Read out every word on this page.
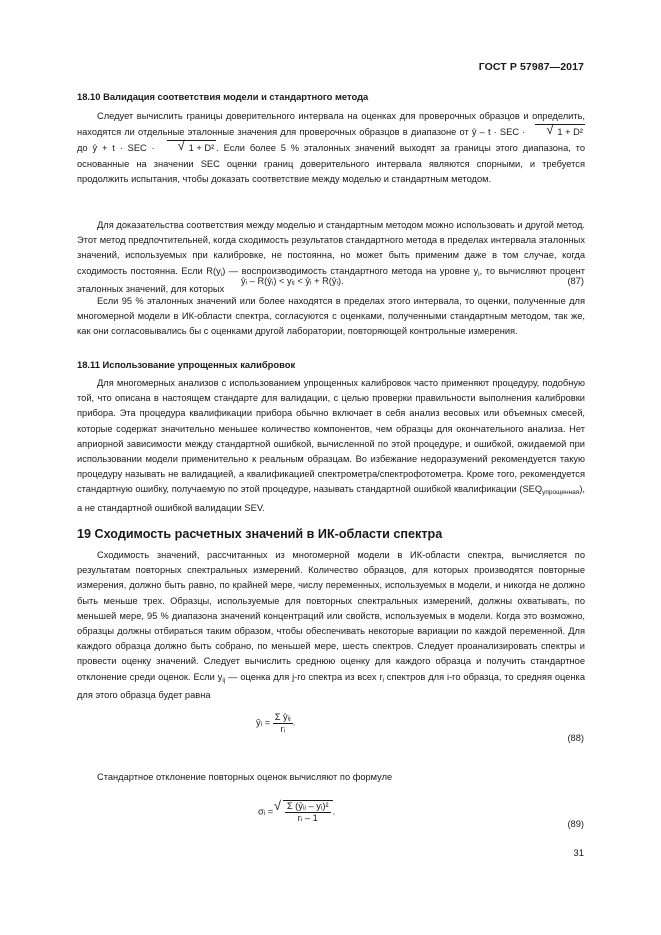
ГОСТ Р 57987—2017
18.10 Валидация соответствия модели и стандартного метода
Следует вычислить границы доверительного интервала на оценках для проверочных образцов и определить, находятся ли отдельные эталонные значения для проверочных образцов в диапазоне от ŷ – t · SEC ·	√ 1 + D² до ŷ + t · SEC ·	√ 1 + D² . Если более 5 % эталонных значений выходят за границы этого диапазона, то основанные на значении SEC оценки границ доверительного интервала являются спорными, и требуется продолжить испытания, чтобы доказать соответствие между моделью и стандартным методом.
Для доказательства соответствия между моделью и стандартным методом можно использовать и другой метод. Этот метод предпочтительней, когда сходимость результатов стандартного метода в пределах интервала эталонных значений, используемых при калибровке, не постоянна, но может быть применим даже в том случае, когда сходимость постоянна. Если $R(y_i)$ — воспроизводимость стандартного метода на уровне $y_i$, то вычисляют процент эталонных значений, для которых
ŷᵢ – R(ŷᵢ) < yᵢⱼ < ŷᵢ + R(ŷᵢ).	(87)
Если 95 % эталонных значений или более находятся в пределах этого интервала, то оценки, полученные для многомерной модели в ИК-области спектра, согласуются с оценками, полученными стандартным методом, так же, как они согласовывались бы с оценками другой лаборатории, повторяющей контрольные измерения.
18.11 Использование упрощенных калибровок
Для многомерных анализов с использованием упрощенных калибровок часто применяют процедуру, подобную той, что описана в настоящем стандарте для валидации, с целью проверки правильности выполнения калибровки прибора. Эта процедура квалификации прибора обычно включает в себя анализ весовых или объемных смесей, которые содержат значительно меньшее количество компонентов, чем образцы для окончательного анализа. Нет априорной зависимости между стандартной ошибкой, вычисленной по этой процедуре, и ошибкой, ожидаемой при использовании модели применительно к реальным образцам. Во избежание недоразумений рекомендуется такую процедуру называть не валидацией, а квалификацией спектрометра/спектрофотометра. Кроме того, рекомендуется стандартную ошибку, получаемую по этой процедуре, называть стандартной ошибкой квалификации $(SEQ_{упрощенная})$, а не стандартной ошибкой валидации SEV.
19 Сходимость расчетных значений в ИК-области спектра
Сходимость значений, рассчитанных из многомерной модели в ИК-области спектра, вычисляется по результатам повторных спектральных измерений. Количество образцов, для которых производятся повторные измерения, должно быть равно, по крайней мере, числу переменных, используемых в модели, и никогда не должно быть меньше трех. Образцы, используемые для повторных спектральных измерений, должны охватывать, по меньшей мере, 95 % диапазона значений концентраций или свойств, используемых в модели. Когда это возможно, образцы должны отбираться таким образом, чтобы обеспечивать некоторые вариации по каждой переменной. Для каждого образца должно быть собрано, по меньшей мере, шесть спектров. Следует проанализировать спектры и провести оценку значений. Следует вычислить среднюю оценку для каждого образца и получить стандартное отклонение среди оценок. Если $y_{ij}$ — оценка для j-го спектра из всех $r_i$ спектров для i-го образца, то средняя оценка для этого образца будет равна
ȳᵢ = $\frac{\text{Σ ŷᵢⱼ}}{\text{rᵢ}}$ .
(88)
Стандартное отклонение повторных оценок вычисляют по формуле
σᵢ = √ $\frac{\text{Σ (ȳᵢⱼ – yᵢ)²}}{\text{rᵢ – 1}}$ .
(89)
31
